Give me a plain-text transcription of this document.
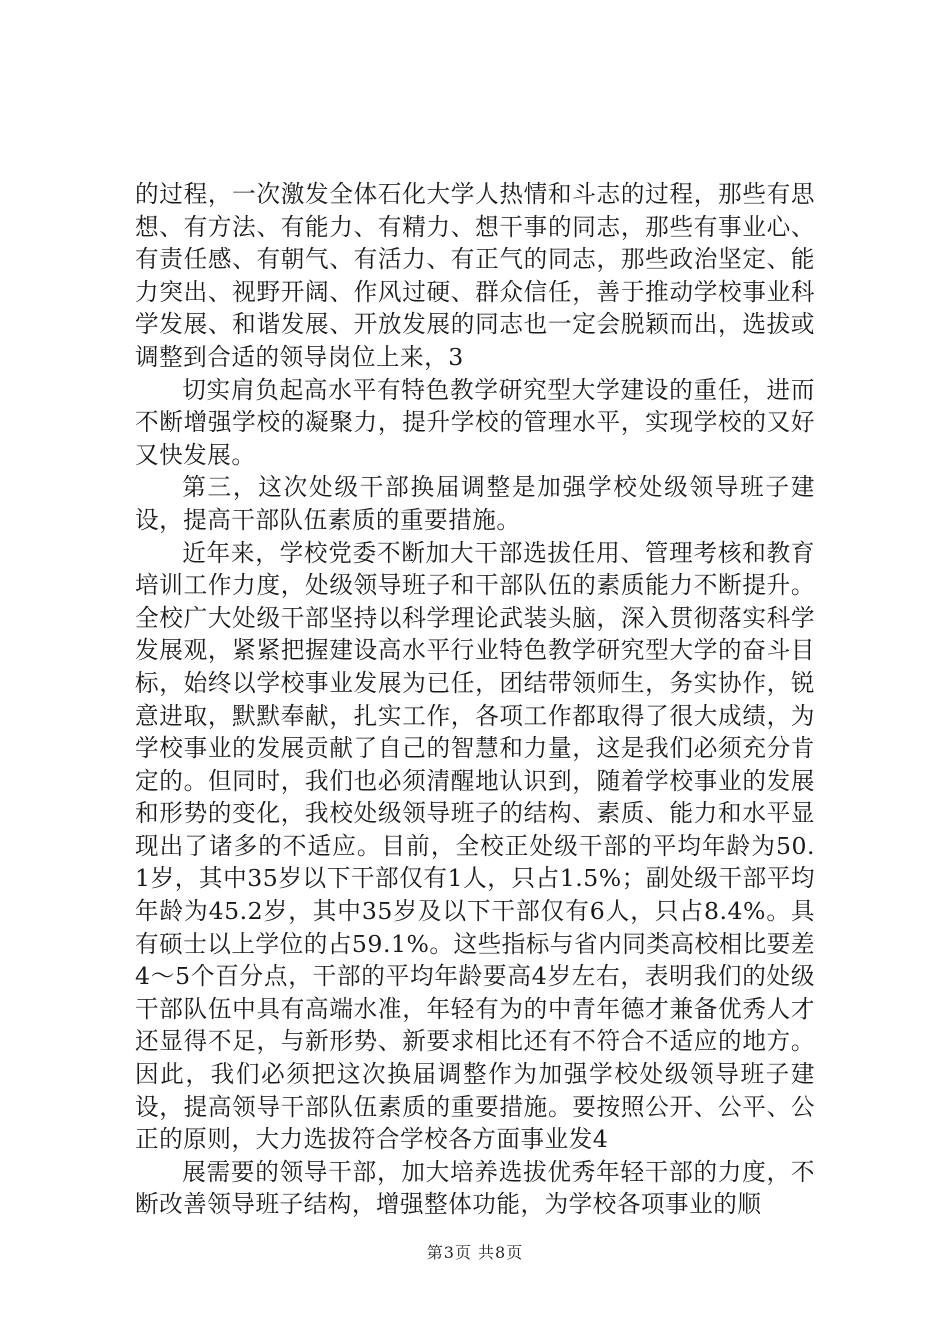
的过程，一次激发全体石化大学人热情和斗志的过程，那些有思想、有方法、有能力、有精力、想干事的同志，那些有事业心、有责任感、有朝气、有活力、有正气的同志，那些政治坚定、能力突出、视野开阔、作风过硬、群众信任，善于推动学校事业科学发展、和谐发展、开放发展的同志也一定会脱颖而出，选拔或调整到合适的领导岗位上来，3

切实肩负起高水平有特色教学研究型大学建设的重任，进而不断增强学校的凝聚力，提升学校的管理水平，实现学校的又好又快发展。

第三，这次处级干部换届调整是加强学校处级领导班子建设，提高干部队伍素质的重要措施。

近年来，学校党委不断加大干部选拔任用、管理考核和教育培训工作力度，处级领导班子和干部队伍的素质能力不断提升。全校广大处级干部坚持以科学理论武装头脑，深入贯彻落实科学发展观，紧紧把握建设高水平行业特色教学研究型大学的奋斗目标，始终以学校事业发展为已任，团结带领师生，务实协作，锐意进取，默默奉献，扎实工作，各项工作都取得了很大成绩，为学校事业的发展贡献了自己的智慧和力量，这是我们必须充分肯定的。但同时，我们也必须清醒地认识到，随着学校事业的发展和形势的变化，我校处级领导班子的结构、素质、能力和水平显现出了诸多的不适应。目前，全校正处级干部的平均年龄为50.1岁，其中35岁以下干部仅有1人，只占1.5%；副处级干部平均年龄为45.2岁，其中35岁及以下干部仅有6人，只占8.4%。具有硕士以上学位的占59.1%。这些指标与省内同类高校相比要差4～5个百分点，干部的平均年龄要高4岁左右，表明我们的处级干部队伍中具有高端水准，年轻有为的中青年德才兼备优秀人才还显得不足，与新形势、新要求相比还有不符合不适应的地方。因此，我们必须把这次换届调整作为加强学校处级领导班子建设，提高领导干部队伍素质的重要措施。要按照公开、公平、公正的原则，大力选拔符合学校各方面事业发4

展需要的领导干部，加大培养选拔优秀年轻干部的力度，不断改善领导班子结构，增强整体功能，为学校各项事业的顺

第3页 共8页
